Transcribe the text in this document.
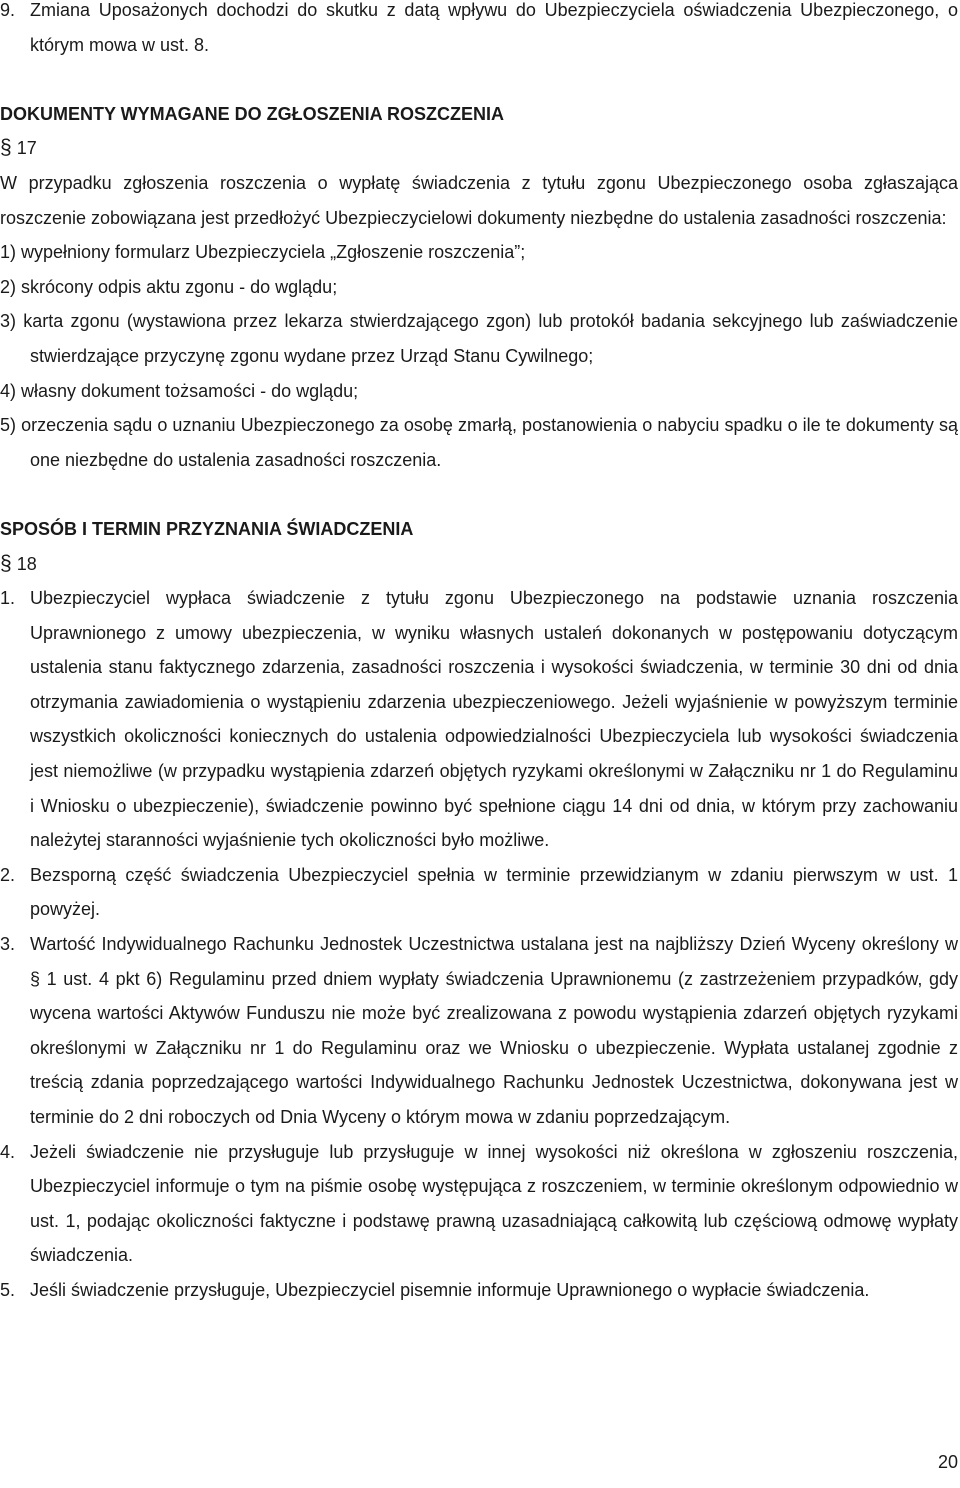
9. Zmiana Uposażonych dochodzi do skutku z datą wpływu do Ubezpieczyciela oświadczenia Ubezpieczonego, o którym mowa w ust. 8.

DOKUMENTY WYMAGANE DO ZGŁOSZENIA ROSZCZENIA

§ 17

W przypadku zgłoszenia roszczenia o wypłatę świadczenia z tytułu zgonu Ubezpieczonego osoba zgłaszająca roszczenie zobowiązana jest przedłożyć Ubezpieczycielowi dokumenty niezbędne do ustalenia zasadności roszczenia:

1) wypełniony formularz Ubezpieczyciela „Zgłoszenie roszczenia”;

2) skrócony odpis aktu zgonu - do wglądu;

3) karta zgonu (wystawiona przez lekarza stwierdzającego zgon) lub protokół badania sekcyjnego lub zaświadczenie stwierdzające przyczynę zgonu wydane przez Urząd Stanu Cywilnego;

4) własny dokument tożsamości - do wglądu;

5) orzeczenia sądu o uznaniu Ubezpieczonego za osobę zmarłą, postanowienia o nabyciu spadku o ile te dokumenty są one niezbędne do ustalenia zasadności roszczenia.

SPOSÓB I TERMIN PRZYZNANIA ŚWIADCZENIA

§ 18

1. Ubezpieczyciel wypłaca świadczenie z tytułu zgonu Ubezpieczonego na podstawie uznania roszczenia Uprawnionego z umowy ubezpieczenia, w wyniku własnych ustaleń dokonanych w postępowaniu dotyczącym ustalenia stanu faktycznego zdarzenia, zasadności roszczenia i wysokości świadczenia, w terminie 30 dni od dnia otrzymania zawiadomienia o wystąpieniu zdarzenia ubezpieczeniowego. Jeżeli wyjaśnienie w powyższym terminie wszystkich okoliczności koniecznych do ustalenia odpowiedzialności Ubezpieczyciela lub wysokości świadczenia jest niemożliwe (w przypadku wystąpienia zdarzeń objętych ryzykami określonymi w Załączniku nr 1 do Regulaminu i Wniosku o ubezpieczenie), świadczenie powinno być spełnione ciągu 14 dni od dnia, w którym przy zachowaniu należytej staranności wyjaśnienie tych okoliczności było możliwe.
2. Bezsporną część świadczenia Ubezpieczyciel spełnia w terminie przewidzianym w zdaniu pierwszym w ust. 1 powyżej.
3. Wartość Indywidualnego Rachunku Jednostek Uczestnictwa ustalana jest na najbliższy Dzień Wyceny określony w § 1 ust. 4 pkt 6) Regulaminu przed dniem wypłaty świadczenia Uprawnionemu (z zastrzeżeniem przypadków, gdy wycena wartości Aktywów Funduszu nie może być zrealizowana z powodu wystąpienia zdarzeń objętych ryzykami określonymi w Załączniku nr 1 do Regulaminu oraz we Wniosku o ubezpieczenie. Wypłata ustalanej zgodnie z treścią zdania poprzedzającego wartości Indywidualnego Rachunku Jednostek Uczestnictwa, dokonywana jest w terminie do 2 dni roboczych od Dnia Wyceny o którym mowa w zdaniu poprzedzającym.
4. Jeżeli świadczenie nie przysługuje lub przysługuje w innej wysokości niż określona w zgłoszeniu roszczenia, Ubezpieczyciel informuje o tym na piśmie osobę występująca z roszczeniem, w terminie określonym odpowiednio w ust. 1, podając okoliczności faktyczne i podstawę prawną uzasadniającą całkowitą lub częściową odmowę wypłaty świadczenia.
5. Jeśli świadczenie przysługuje, Ubezpieczyciel pisemnie informuje Uprawnionego o wypłacie świadczenia.
20
